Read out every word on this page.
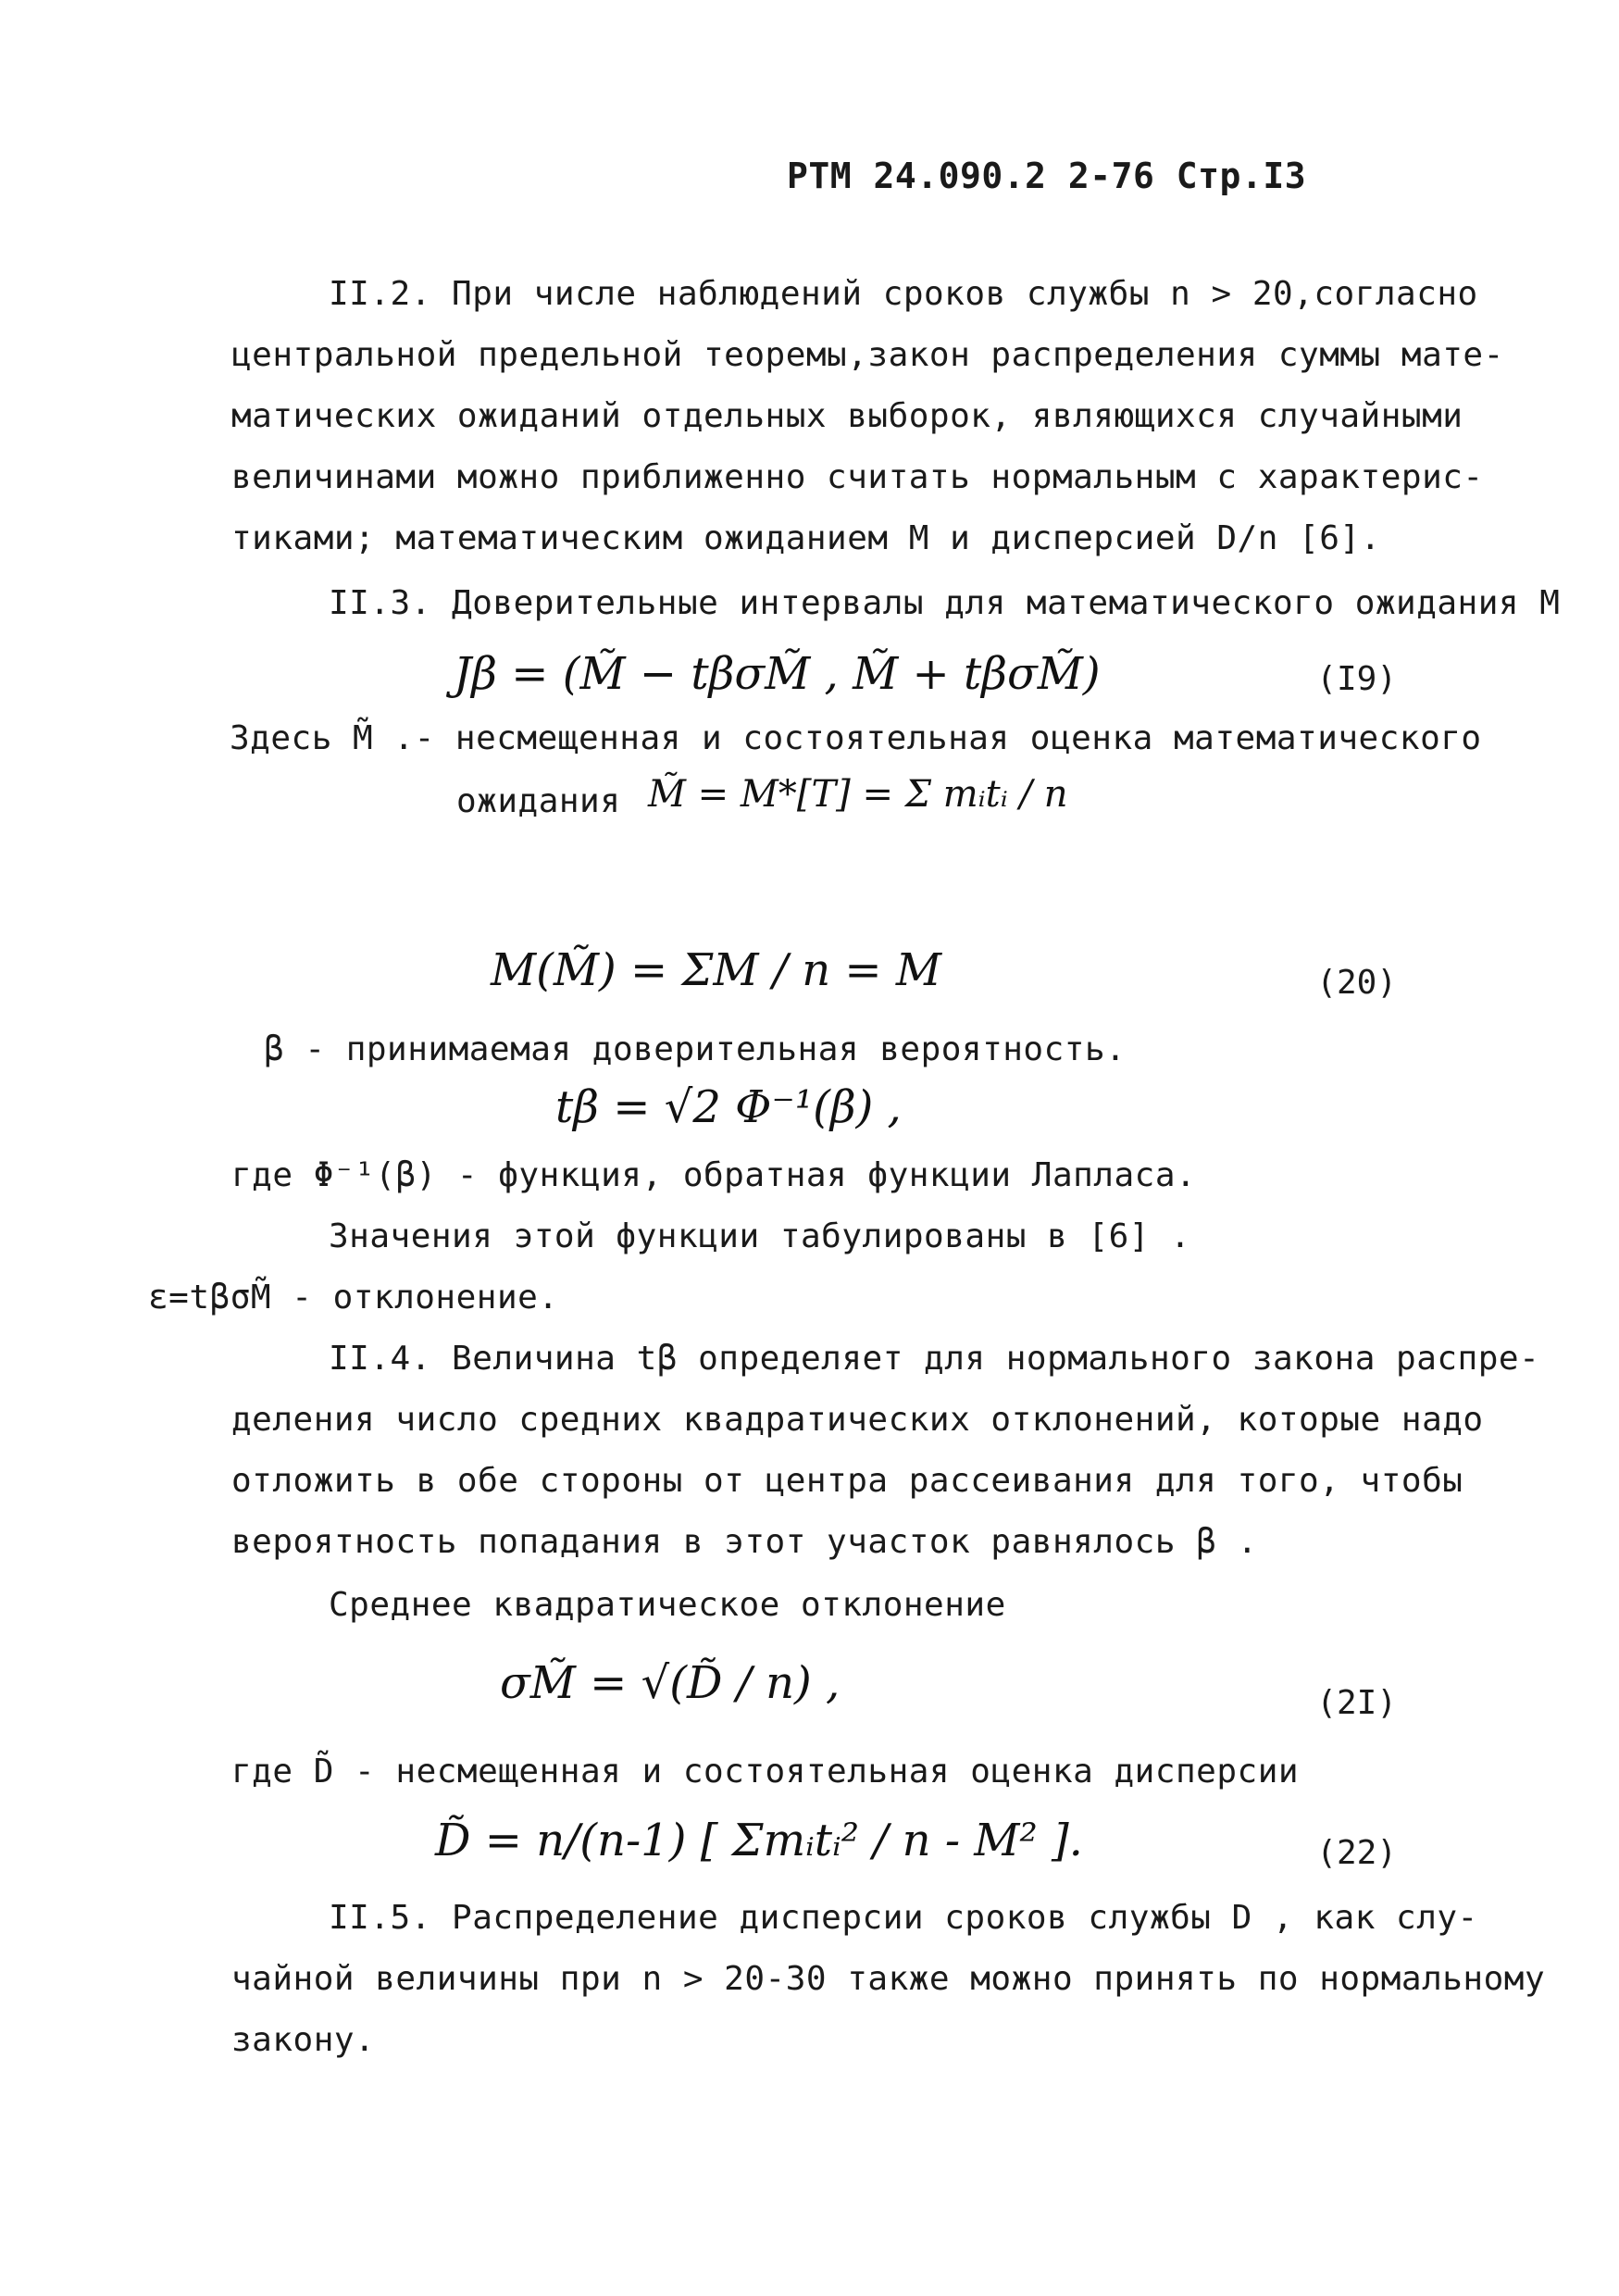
РТМ 24.090.2 2-76 Стр.I3
II.2. При числе наблюдений сроков службы n > 20,согласно
центральной предельной теоремы,закон распределения суммы мате-
матических ожиданий отдельных выборок, являющихся случайными
величинами можно приближенно считать нормальным с характерис-
тиками; математическим ожиданием M и дисперсией D/n [6].
II.3. Доверительные интервалы для математического ожидания M
Jβ = (M̃ − tβσM̃ , M̃ + tβσM̃)	(I9)
Здесь M̃ .- несмещенная и состоятельная оценка математического
ожидания M̃ = M*[T] = Σ mᵢtᵢ / n
M(M̃) = ΣM / n = M	(20)
β - принимаемая доверительная вероятность.
tβ = √2 Φ⁻¹(β) ,
где Φ⁻¹(β) - функция, обратная функции Лапласа.
Значения этой функции табулированы в [6] .
ε=tβσM̃ - отклонение.
II.4. Величина tβ определяет для нормального закона распре-
деления число средних квадратических отклонений, которые надо
отложить в обе стороны от центра рассеивания для того, чтобы
вероятность попадания в этот участок равнялось β .
Среднее квадратическое отклонение
σM̃ = √(D̃ / n) ,	(2I)
где D̃ - несмещенная и состоятельная оценка дисперсии
D̃ = n/(n-1) [ Σmᵢtᵢ² / n - M² ].	(22)
II.5. Распределение дисперсии сроков службы D , как слу-
чайной величины при n > 20-30 также можно принять по нормальному
закону.
